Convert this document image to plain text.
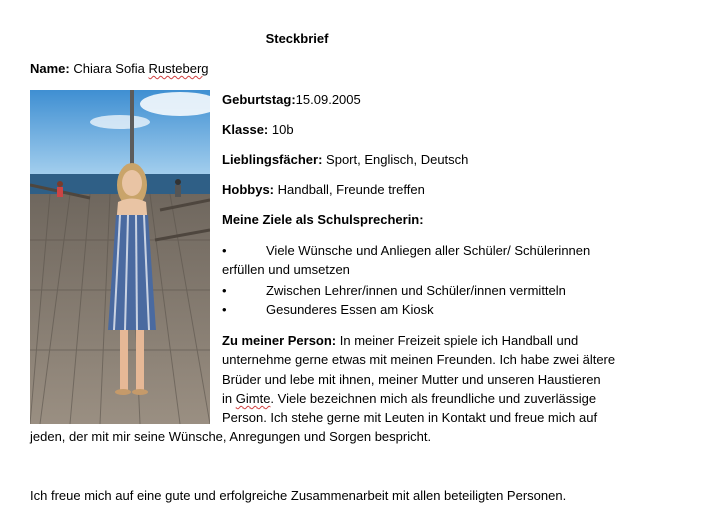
Steckbrief
Name: Chiara Sofia Rusteberg
Geburtstag:15.09.2005
Klasse: 10b
Lieblingsfächer: Sport, Englisch, Deutsch
Hobbys: Handball, Freunde treffen
Meine Ziele als Schulsprecherin:
•	Viele Wünsche und Anliegen aller Schüler/ Schülerinnen
erfüllen und umsetzen
•	Zwischen Lehrer/innen und Schüler/innen vermitteln
•	Gesunderes Essen am Kiosk
Zu meiner Person: In meiner Freizeit spiele ich Handball und
unternehme gerne etwas mit meinen Freunden. Ich habe zwei ältere
Brüder und lebe mit ihnen, meiner Mutter und unseren Haustieren
in Gimte. Viele bezeichnen mich als freundliche und zuverlässige
Person. Ich stehe gerne mit Leuten in Kontakt und freue mich auf
jeden, der mit mir seine Wünsche, Anregungen und Sorgen bespricht.
Ich freue mich auf eine gute und erfolgreiche Zusammenarbeit mit allen beteiligten Personen.
